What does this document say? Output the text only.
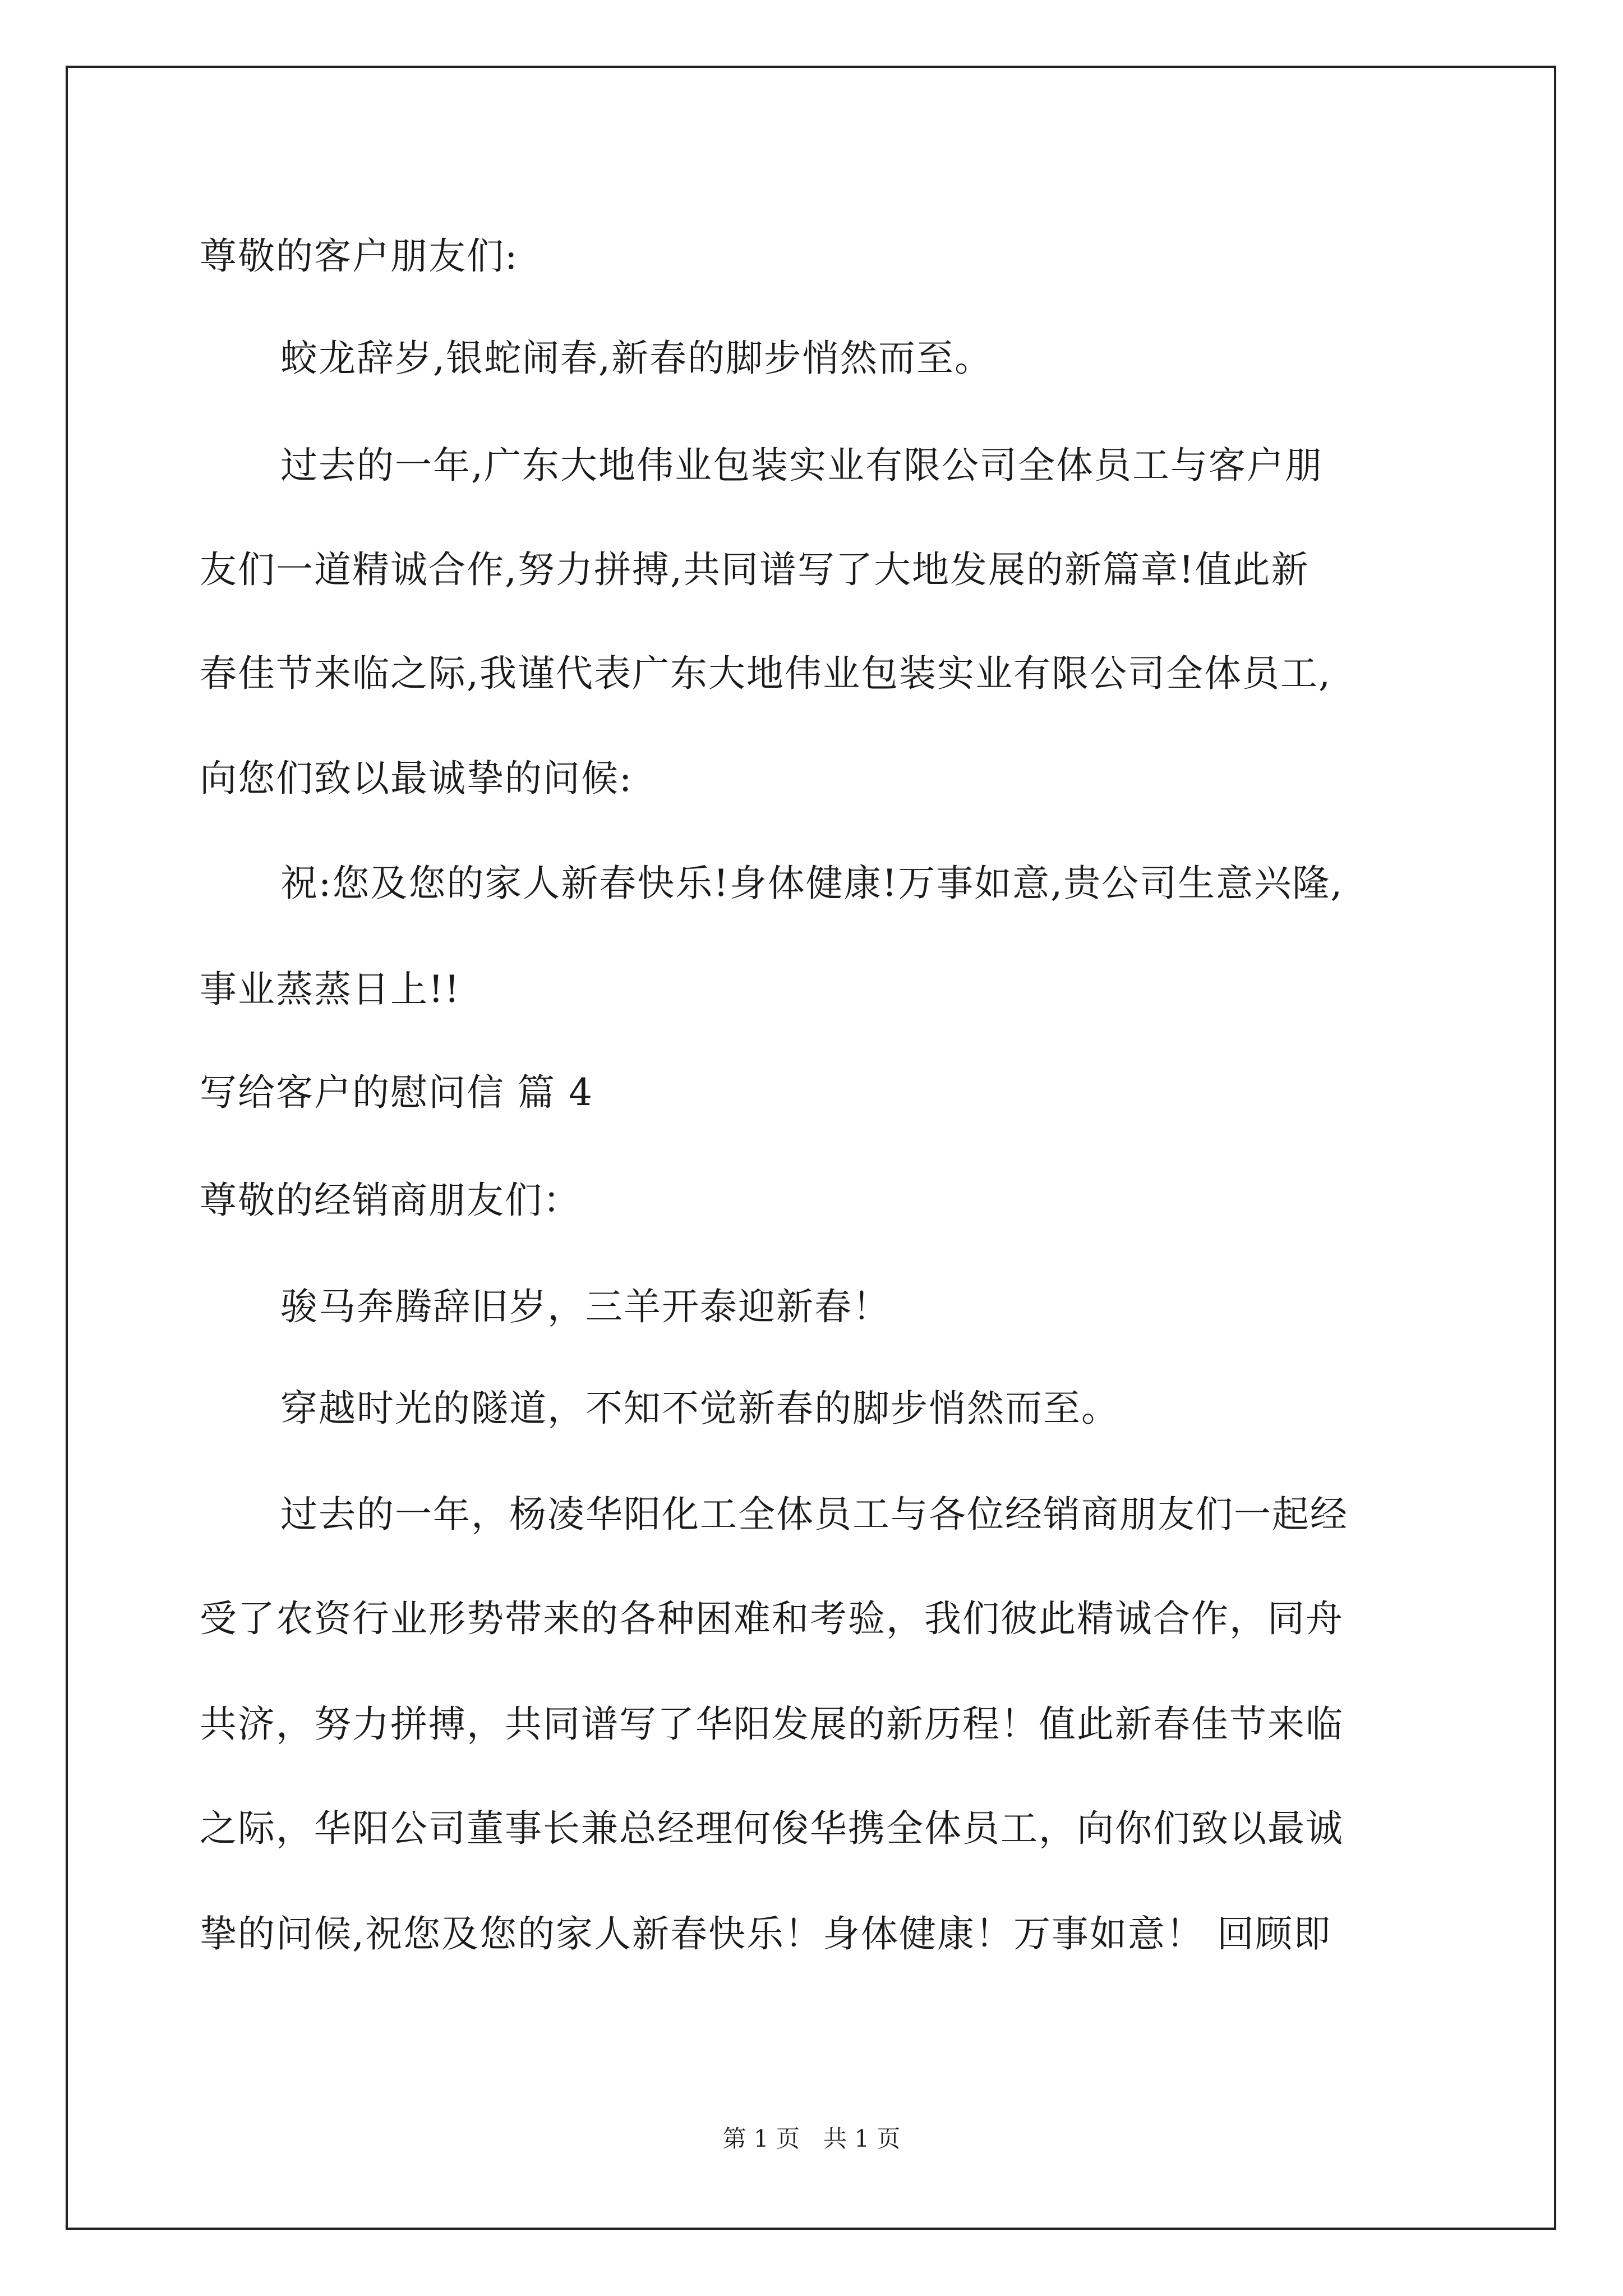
尊敬的客户朋友们:
蛟龙辞岁,银蛇闹春,新春的脚步悄然而至。
过去的一年,广东大地伟业包装实业有限公司全体员工与客户朋
友们一道精诚合作,努力拼搏,共同谱写了大地发展的新篇章!值此新
春佳节来临之际,我谨代表广东大地伟业包装实业有限公司全体员工,
向您们致以最诚挚的问候:
祝:您及您的家人新春快乐!身体健康!万事如意,贵公司生意兴隆,
事业蒸蒸日上!!
写给客户的慰问信 篇 4
尊敬的经销商朋友们：
骏马奔腾辞旧岁，三羊开泰迎新春！
穿越时光的隧道，不知不觉新春的脚步悄然而至。
过去的一年，杨凌华阳化工全体员工与各位经销商朋友们一起经
受了农资行业形势带来的各种困难和考验，我们彼此精诚合作，同舟
共济，努力拼搏，共同谱写了华阳发展的新历程！值此新春佳节来临
之际，华阳公司董事长兼总经理何俊华携全体员工，向你们致以最诚
挚的问候,祝您及您的家人新春快乐！身体健康！万事如意！ 回顾即
第 1 页　共 1 页
